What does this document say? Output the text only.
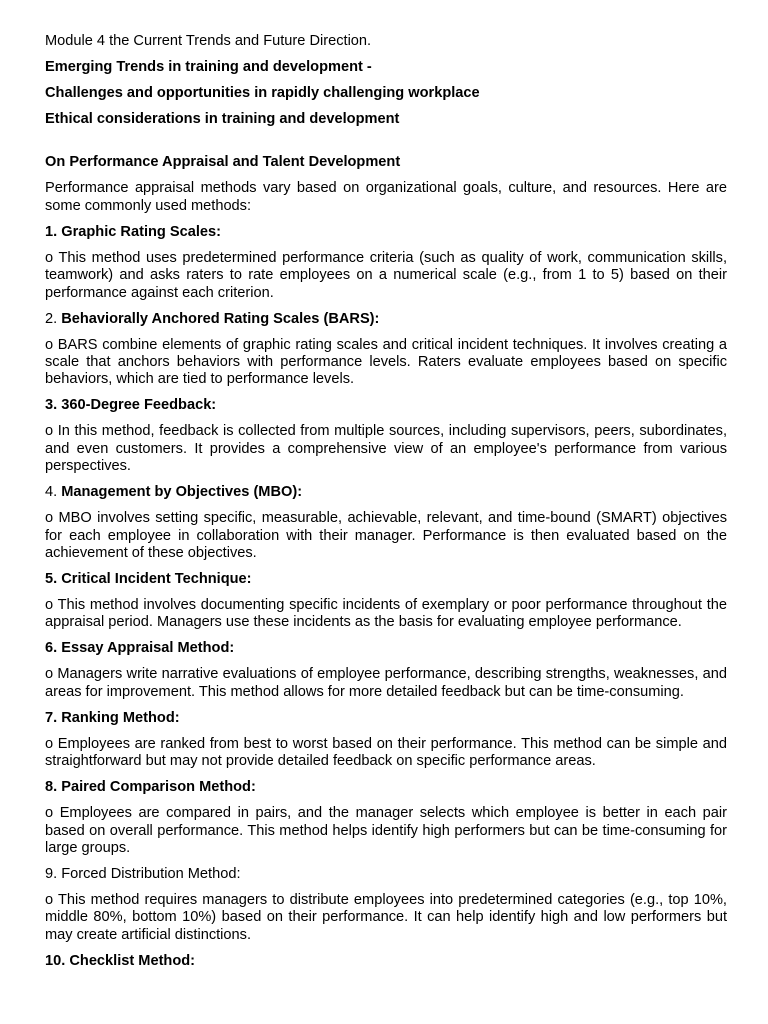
Module 4 the Current Trends and Future Direction.

Emerging Trends in training and development -

Challenges and opportunities in rapidly challenging workplace

Ethical considerations in training and development

On Performance Appraisal and Talent Development

Performance appraisal methods vary based on organizational goals, culture, and resources. Here are some commonly used methods:

1. Graphic Rating Scales:

o This method uses predetermined performance criteria (such as quality of work, communication skills, teamwork) and asks raters to rate employees on a numerical scale (e.g., from 1 to 5) based on their performance against each criterion.

2. Behaviorally Anchored Rating Scales (BARS):

o BARS combine elements of graphic rating scales and critical incident techniques. It involves creating a scale that anchors behaviors with performance levels. Raters evaluate employees based on specific behaviors, which are tied to performance levels.

3. 360-Degree Feedback:

o In this method, feedback is collected from multiple sources, including supervisors, peers, subordinates, and even customers. It provides a comprehensive view of an employee's performance from various perspectives.

4. Management by Objectives (MBO):

o MBO involves setting specific, measurable, achievable, relevant, and time-bound (SMART) objectives for each employee in collaboration with their manager. Performance is then evaluated based on the achievement of these objectives.

5. Critical Incident Technique:

o This method involves documenting specific incidents of exemplary or poor performance throughout the appraisal period. Managers use these incidents as the basis for evaluating employee performance.

6. Essay Appraisal Method:

o Managers write narrative evaluations of employee performance, describing strengths, weaknesses, and areas for improvement. This method allows for more detailed feedback but can be time-consuming.

7. Ranking Method:

o Employees are ranked from best to worst based on their performance. This method can be simple and straightforward but may not provide detailed feedback on specific performance areas.

8. Paired Comparison Method:

o Employees are compared in pairs, and the manager selects which employee is better in each pair based on overall performance. This method helps identify high performers but can be time-consuming for large groups.

9. Forced Distribution Method:

o This method requires managers to distribute employees into predetermined categories (e.g., top 10%, middle 80%, bottom 10%) based on their performance. It can help identify high and low performers but may create artificial distinctions.

10. Checklist Method:
